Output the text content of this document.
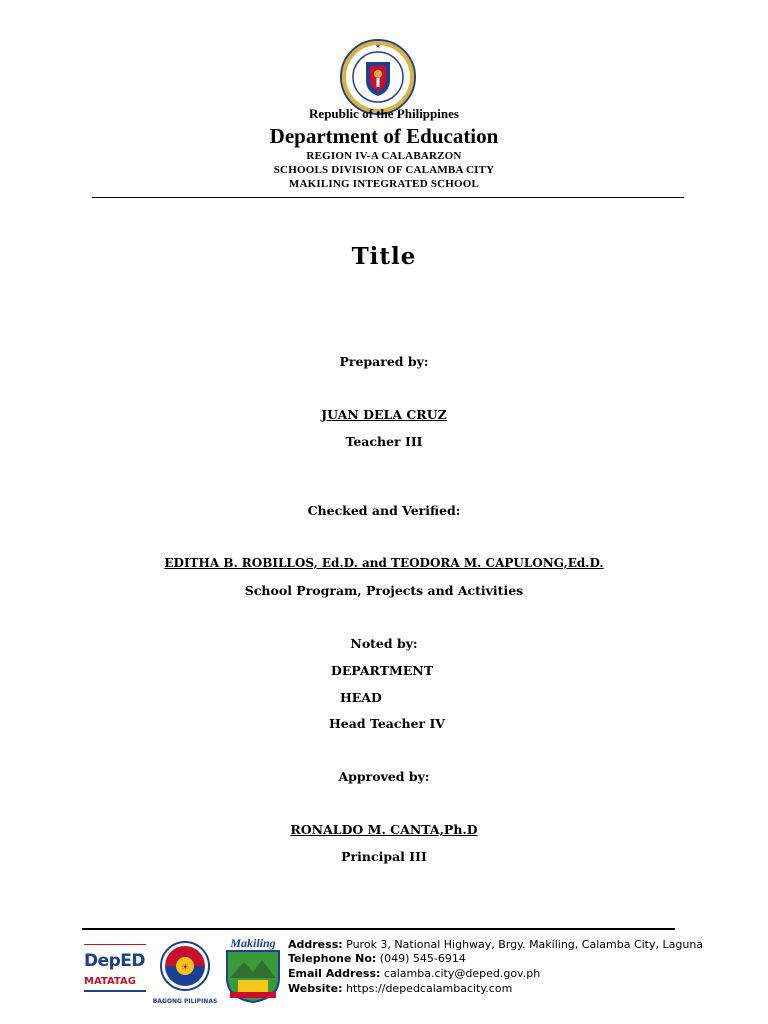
★
Republic of the Philippines
Department of Education
REGION IV-A CALABARZON
SCHOOLS DIVISION OF CALAMBA CITY
MAKILING INTEGRATED SCHOOL
Title
Prepared by:
JUAN DELA CRUZ
Teacher III
Checked and Verified:
EDITHA B. ROBILLOS, Ed.D. and TEODORA M. CAPULONG,Ed.D.
School Program, Projects and Activities
Noted by:
DEPARTMENT
HEAD
Head Teacher IV
Approved by:
RONALDO M. CANTA,Ph.D
Principal III
DepED
MATATAG
☀
BAGONG PILIPINAS
Makiling	Address: Purok 3, National Highway, Brgy. Makiling, Calamba City, Laguna
Telephone No: (049) 545-6914
Email Address: calamba.city@deped.gov.ph
Website: https://depedcalambacity.com
